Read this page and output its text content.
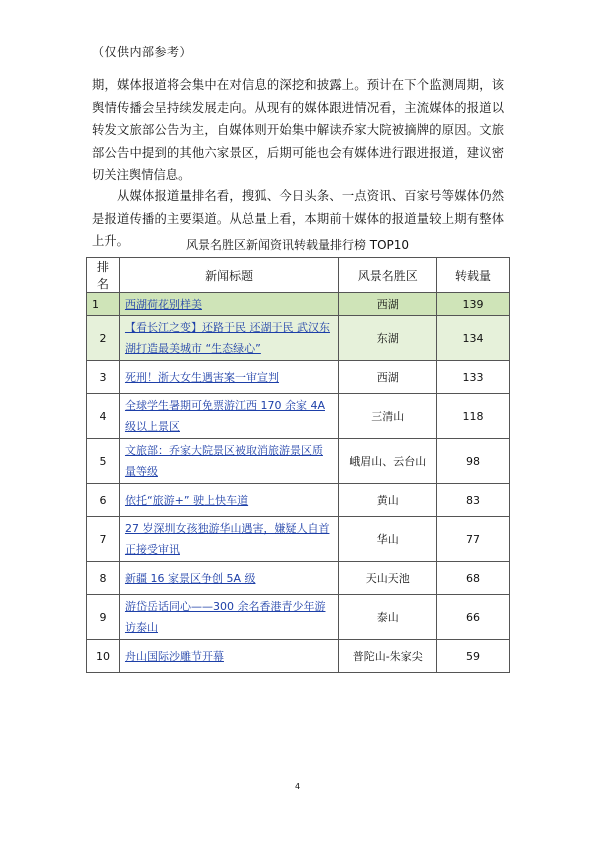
（仅供内部参考）
期，媒体报道将会集中在对信息的深挖和披露上。预计在下个监测周期，该舆情传播会呈持续发展走向。从现有的媒体跟进情况看，主流媒体的报道以转发文旅部公告为主，自媒体则开始集中解读乔家大院被摘牌的原因。文旅部公告中提到的其他六家景区，后期可能也会有媒体进行跟进报道，建议密切关注舆情信息。
从媒体报道量排名看，搜狐、今日头条、一点资讯、百家号等媒体仍然是报道传播的主要渠道。从总量上看，本期前十媒体的报道量较上期有整体上升。	风景名胜区新闻资讯转载量排行榜 TOP10
排名	新闻标题	风景名胜区	转载量
1	西湖荷花别样美	西湖	139
2	【看长江之变】还路于民 还湖于民 武汉东湖打造最美城市 “生态绿心”	东湖	134
3	死刑！浙大女生遇害案一审宣判	西湖	133
4	全球学生暑期可免票游江西 170 余家 4A 级以上景区	三清山	118
5	文旅部：乔家大院景区被取消旅游景区质量等级	峨眉山、云台山	98
6	依托“旅游+” 驶上快车道	黄山	83
7	27 岁深圳女孩独游华山遇害，嫌疑人自首正接受审讯	华山	77
8	新疆 16 家景区争创 5A 级	天山天池	68
9	游岱岳话同心——300 余名香港青少年游访泰山	泰山	66
10	舟山国际沙雕节开幕	普陀山-朱家尖	59
4
